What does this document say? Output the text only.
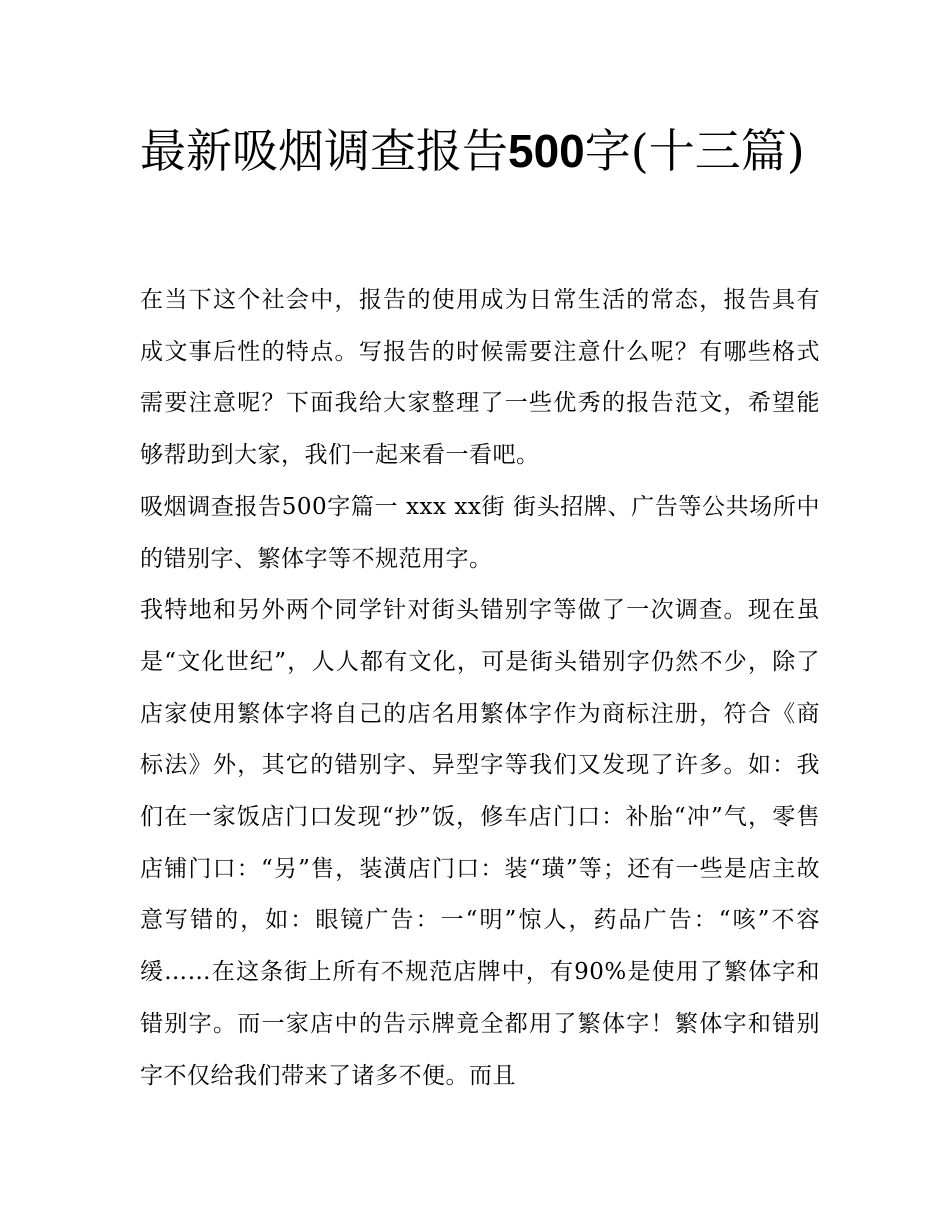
最新吸烟调查报告500字(十三篇)

在当下这个社会中，报告的使用成为日常生活的常态，报告具有成文事后性的特点。写报告的时候需要注意什么呢？有哪些格式需要注意呢？下面我给大家整理了一些优秀的报告范文，希望能够帮助到大家，我们一起来看一看吧。

吸烟调查报告500字篇一 xxx xx街 街头招牌、广告等公共场所中的错别字、繁体字等不规范用字。

我特地和另外两个同学针对街头错别字等做了一次调查。现在虽是“文化世纪”，人人都有文化，可是街头错别字仍然不少，除了店家使用繁体字将自己的店名用繁体字作为商标注册，符合《商标法》外，其它的错别字、异型字等我们又发现了许多。如：我们在一家饭店门口发现“抄”饭，修车店门口：补胎“冲”气，零售店铺门口：“另”售，装潢店门口：装“璜”等；还有一些是店主故意写错的，如：眼镜广告：一“明”惊人，药品广告：“咳”不容缓……在这条街上所有不规范店牌中，有90%是使用了繁体字和错别字。而一家店中的告示牌竟全都用了繁体字！繁体字和错别字不仅给我们带来了诸多不便。而且
